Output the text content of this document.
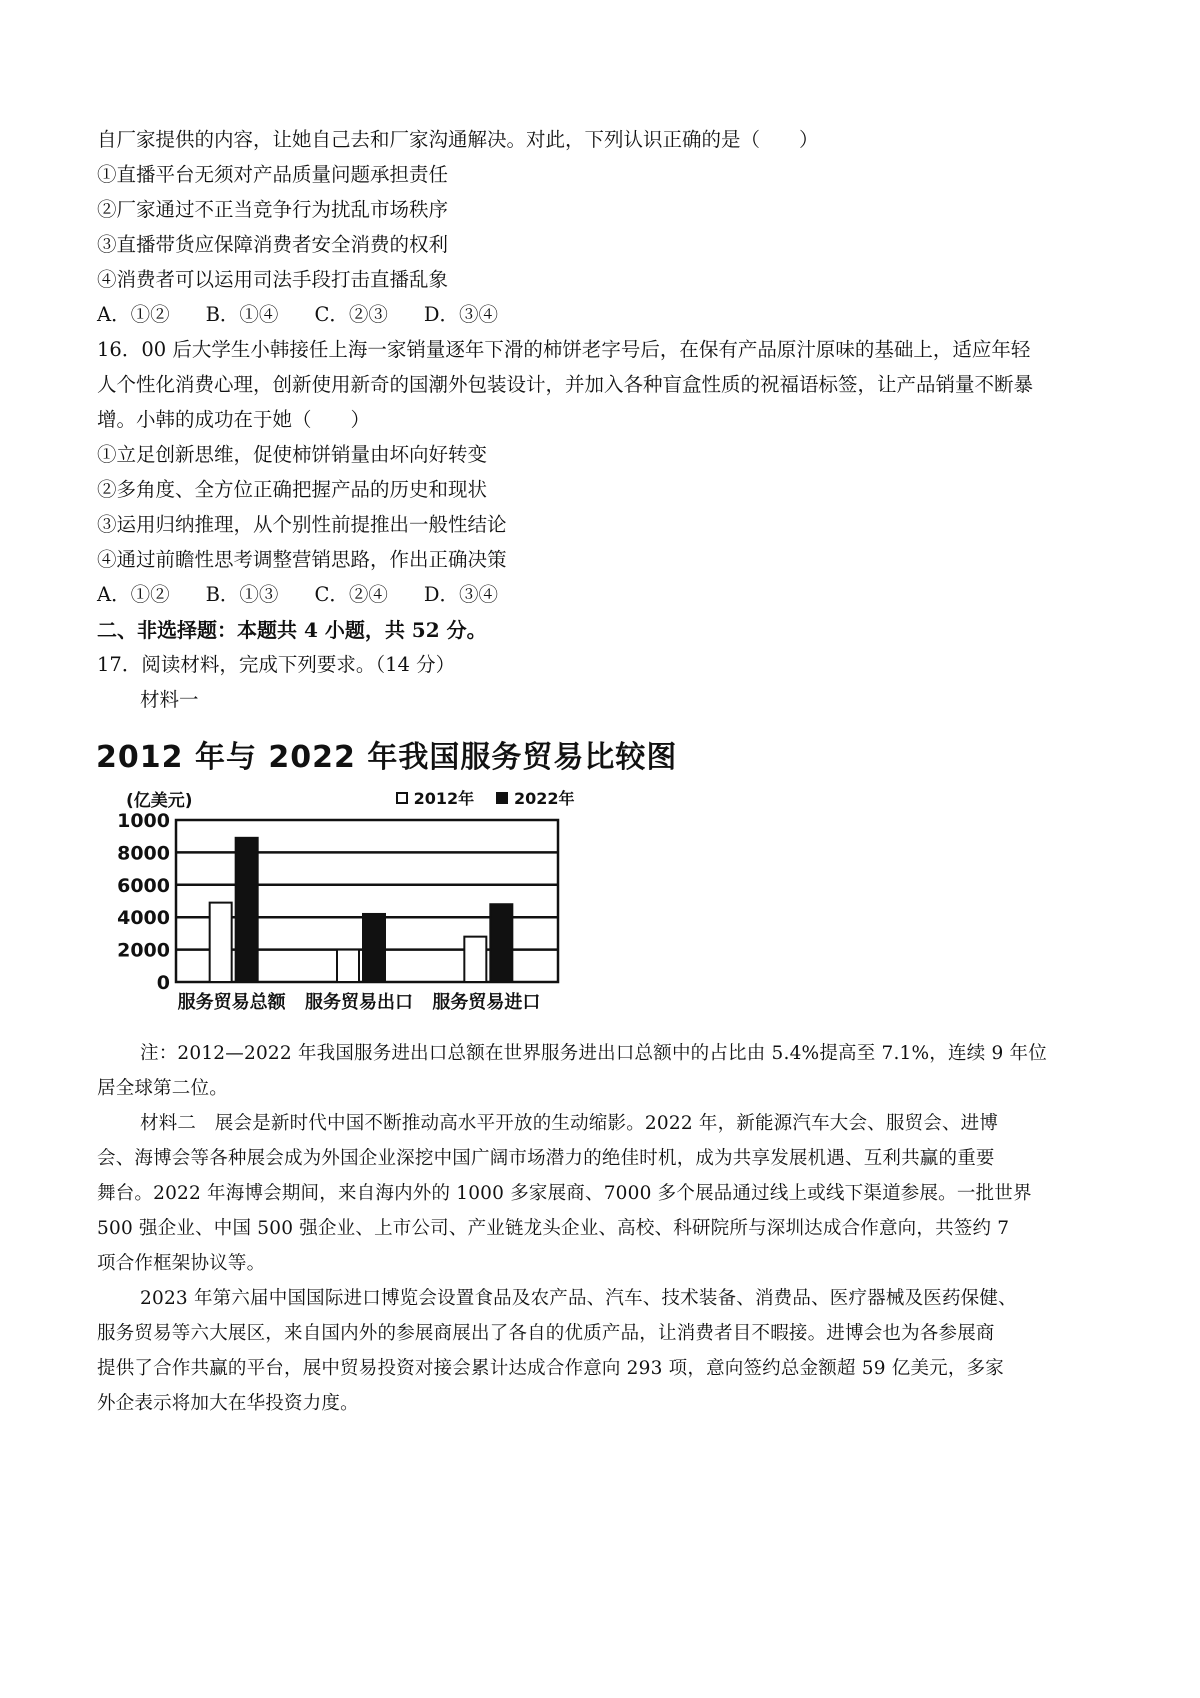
自厂家提供的内容，让她自己去和厂家沟通解决。对此，下列认识正确的是（　　）
①直播平台无须对产品质量问题承担责任
②厂家通过不正当竞争行为扰乱市场秩序
③直播带货应保障消费者安全消费的权利
④消费者可以运用司法手段打击直播乱象
A．①② B．①④ C．②③ D．③④
16．00 后大学生小韩接任上海一家销量逐年下滑的柿饼老字号后，在保有产品原汁原味的基础上，适应年轻
人个性化消费心理，创新使用新奇的国潮外包装设计，并加入各种盲盒性质的祝福语标签，让产品销量不断暴
增。小韩的成功在于她（　　）
①立足创新思维，促使柿饼销量由坏向好转变
②多角度、全方位正确把握产品的历史和现状
③运用归纳推理，从个别性前提推出一般性结论
④通过前瞻性思考调整营销思路，作出正确决策
A．①② B．①③ C．②④ D．③④
二、非选择题：本题共 4 小题，共 52 分。
17．阅读材料，完成下列要求。（14 分）
材料一
2012 年与 2022 年我国服务贸易比较图
(亿美元)	2012年 2022年
0
2000
4000
6000
8000
1000
服务贸易总额 服务贸易出口 服务贸易进口
注：2012—2022 年我国服务进出口总额在世界服务进出口总额中的占比由 5.4%提高至 7.1%，连续 9 年位
居全球第二位。
材料二　展会是新时代中国不断推动高水平开放的生动缩影。2022 年，新能源汽车大会、服贸会、进博
会、海博会等各种展会成为外国企业深挖中国广阔市场潜力的绝佳时机，成为共享发展机遇、互利共赢的重要
舞台。2022 年海博会期间，来自海内外的 1000 多家展商、7000 多个展品通过线上或线下渠道参展。一批世界
500 强企业、中国 500 强企业、上市公司、产业链龙头企业、高校、科研院所与深圳达成合作意向，共签约 7
项合作框架协议等。
2023 年第六届中国国际进口博览会设置食品及农产品、汽车、技术装备、消费品、医疗器械及医药保健、
服务贸易等六大展区，来自国内外的参展商展出了各自的优质产品，让消费者目不暇接。进博会也为各参展商
提供了合作共赢的平台，展中贸易投资对接会累计达成合作意向 293 项，意向签约总金额超 59 亿美元，多家
外企表示将加大在华投资力度。
